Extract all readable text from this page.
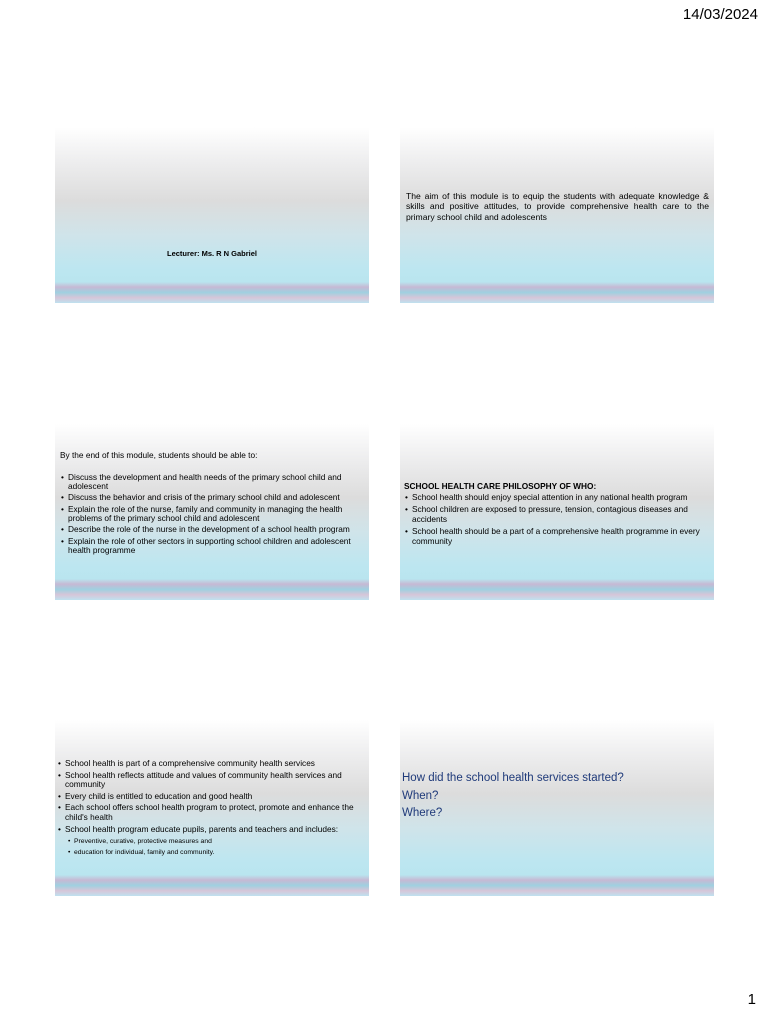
14/03/2024
Lecturer: Ms. R N Gabriel
The aim of this module is to equip the students with adequate knowledge & skills and positive attitudes, to provide comprehensive health care to the primary school child and adolescents

By the end of this module, students should be able to:

• Discuss the development and health needs of the primary school child and adolescent
• Discuss the behavior and crisis of the primary school child and adolescent
• Explain the role of the nurse, family and community in managing the health problems of the primary school child and adolescent
• Describe the role of the nurse in the development of a school health program
• Explain the role of other sectors in supporting school children and adolescent health programme

SCHOOL HEALTH CARE PHILOSOPHY OF WHO:

• School health should enjoy special attention in any national health program
• School children are exposed to pressure, tension, contagious diseases and accidents
• School health should be a part of a comprehensive health programme in every community
• School health is part of a comprehensive community health services
• School health reflects attitude and values of community health services and community
• Every child is entitled to education and good health
• Each school offers school health program to protect, promote and enhance the child's health
• School health program educate pupils, parents and teachers and includes:
• Preventive, curative, protective measures and
• education for individual, family and community.
How did the school health services started?
When?
Where?
1
